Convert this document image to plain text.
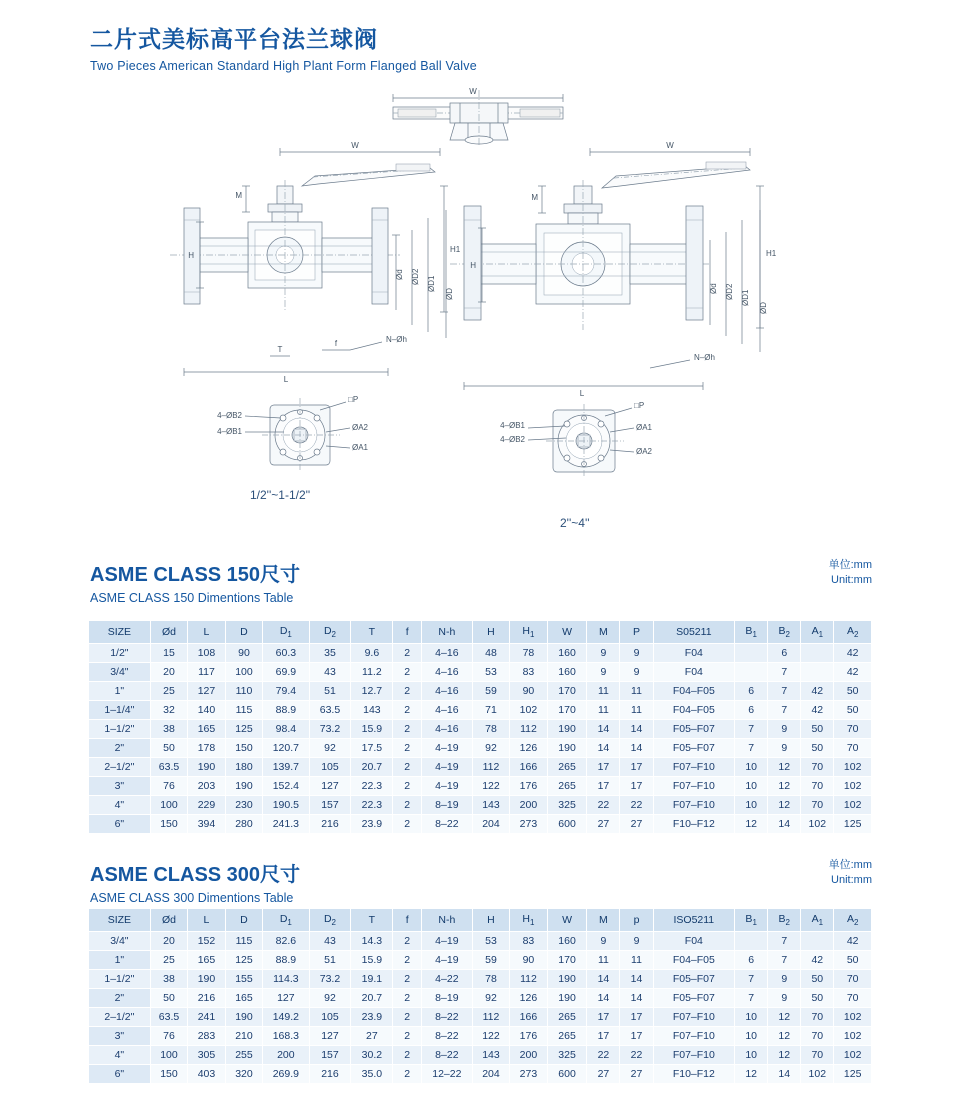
二片式美标高平台法兰球阀
Two Pieces American Standard High Plant Form Flanged Ball Valve
W
W
M
H
H1
Ød ØD2 ØD1
ØD
L
f	N–Øh
T
W
M
H
H1
Ød ØD2 ØD1
ØD
L
N–Øh
4–ØB2
4–ØB1
□P
ØA2
ØA1
4–ØB1
4–ØB2
□P
ØA1
ØA2
1/2''~1-1/2''
2''~4''
ASME CLASS 150尺寸
ASME CLASS 150 Dimentions Table
单位:mm
Unit:mm
SIZE	Ød	L	D	$D_1$	$D_2$	T	f	N-h	H	$H_1$	W	M	P	S05211	$B_1$	$B_2$	$A_1$	$A_2$
1/2"	15	108	90	60.3	35	9.6	2	4–16	48	78	160	9	9	F04		6		42
3/4"	20	117	100	69.9	43	11.2	2	4–16	53	83	160	9	9	F04		7		42
1"	25	127	110	79.4	51	12.7	2	4–16	59	90	170	11	11	F04–F05	6	7	42	50
1–1/4"	32	140	115	88.9	63.5	143	2	4–16	71	102	170	11	11	F04–F05	6	7	42	50
1–1/2"	38	165	125	98.4	73.2	15.9	2	4–16	78	112	190	14	14	F05–F07	7	9	50	70
2"	50	178	150	120.7	92	17.5	2	4–19	92	126	190	14	14	F05–F07	7	9	50	70
2–1/2"	63.5	190	180	139.7	105	20.7	2	4–19	112	166	265	17	17	F07–F10	10	12	70	102
3"	76	203	190	152.4	127	22.3	2	4–19	122	176	265	17	17	F07–F10	10	12	70	102
4"	100	229	230	190.5	157	22.3	2	8–19	143	200	325	22	22	F07–F10	10	12	70	102
6"	150	394	280	241.3	216	23.9	2	8–22	204	273	600	27	27	F10–F12	12	14	102	125
ASME CLASS 300尺寸
ASME CLASS 300 Dimentions Table
单位:mm
Unit:mm
SIZE	Ød	L	D	$D_1$	$D_2$	T	f	N-h	H	$H_1$	W	M	p	ISO5211	$B_1$	$B_2$	$A_1$	$A_2$
3/4"	20	152	115	82.6	43	14.3	2	4–19	53	83	160	9	9	F04		7		42
1"	25	165	125	88.9	51	15.9	2	4–19	59	90	170	11	11	F04–F05	6	7	42	50
1–1/2"	38	190	155	114.3	73.2	19.1	2	4–22	78	112	190	14	14	F05–F07	7	9	50	70
2"	50	216	165	127	92	20.7	2	8–19	92	126	190	14	14	F05–F07	7	9	50	70
2–1/2"	63.5	241	190	149.2	105	23.9	2	8–22	112	166	265	17	17	F07–F10	10	12	70	102
3"	76	283	210	168.3	127	27	2	8–22	122	176	265	17	17	F07–F10	10	12	70	102
4"	100	305	255	200	157	30.2	2	8–22	143	200	325	22	22	F07–F10	10	12	70	102
6"	150	403	320	269.9	216	35.0	2	12–22	204	273	600	27	27	F10–F12	12	14	102	125
